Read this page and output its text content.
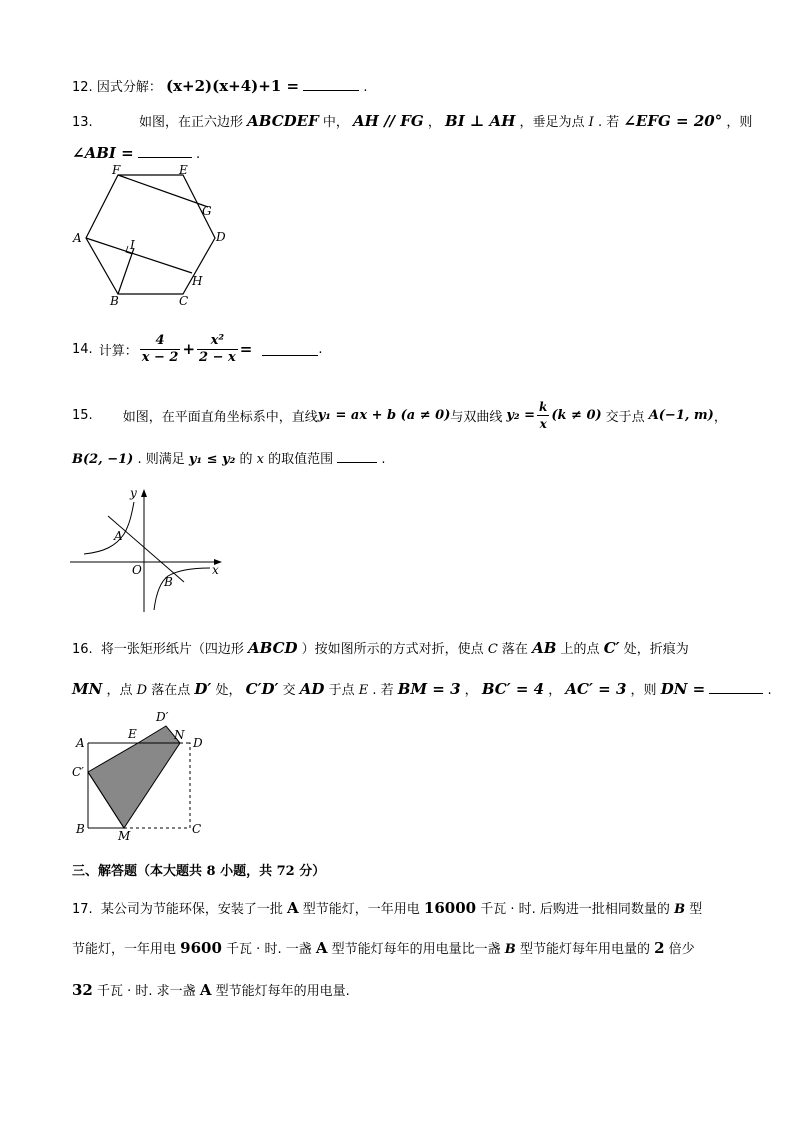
12. 因式分解： (x+2)(x+4)+1 =	.
13.	如图，在正六边形 ABCDEF 中， AH // FG ， BI ⊥ AH ，垂足为点 I . 若 ∠EFG = 20° ，则
∠ABI =	.
F	E
G
D
A	I
H
B	C
14. 计算： $\frac{4}{x - 2} + \frac{\text{x²}}{2 - x}$ =	.
15. 如图，在平面直角坐标系中，直线 y₁ = ax + b (a ≠ 0) 与双曲线 $y_2 = \frac{k}{x} (k \ne 0)$ 交于点 A(−1, m) ，
B(2, −1) . 则满足 y₁ ≤ y₂ 的 x 的取值范围	.
y
x
O
A
B
16. 将一张矩形纸片（四边形 ABCD ）按如图所示的方式对折，使点 C 落在 AB 上的点 C′ 处，折痕为
MN ，点 D 落在点 D′ 处， C′D′ 交 AD 于点 E . 若 BM = 3 ， BC′ = 4 ， AC′ = 3 ，则 DN =	.
A
E
D′
N
D
C′
B	M	C
三、解答题（本大题共 8 小题，共 72 分）
17. 某公司为节能环保，安装了一批 A 型节能灯，一年用电 16000 千瓦 · 时. 后购进一批相同数量的 B 型
节能灯，一年用电 9600 千瓦 · 时. 一盏 A 型节能灯每年的用电量比一盏 B 型节能灯每年用电量的 2 倍少
32 千瓦 · 时. 求一盏 A 型节能灯每年的用电量.
